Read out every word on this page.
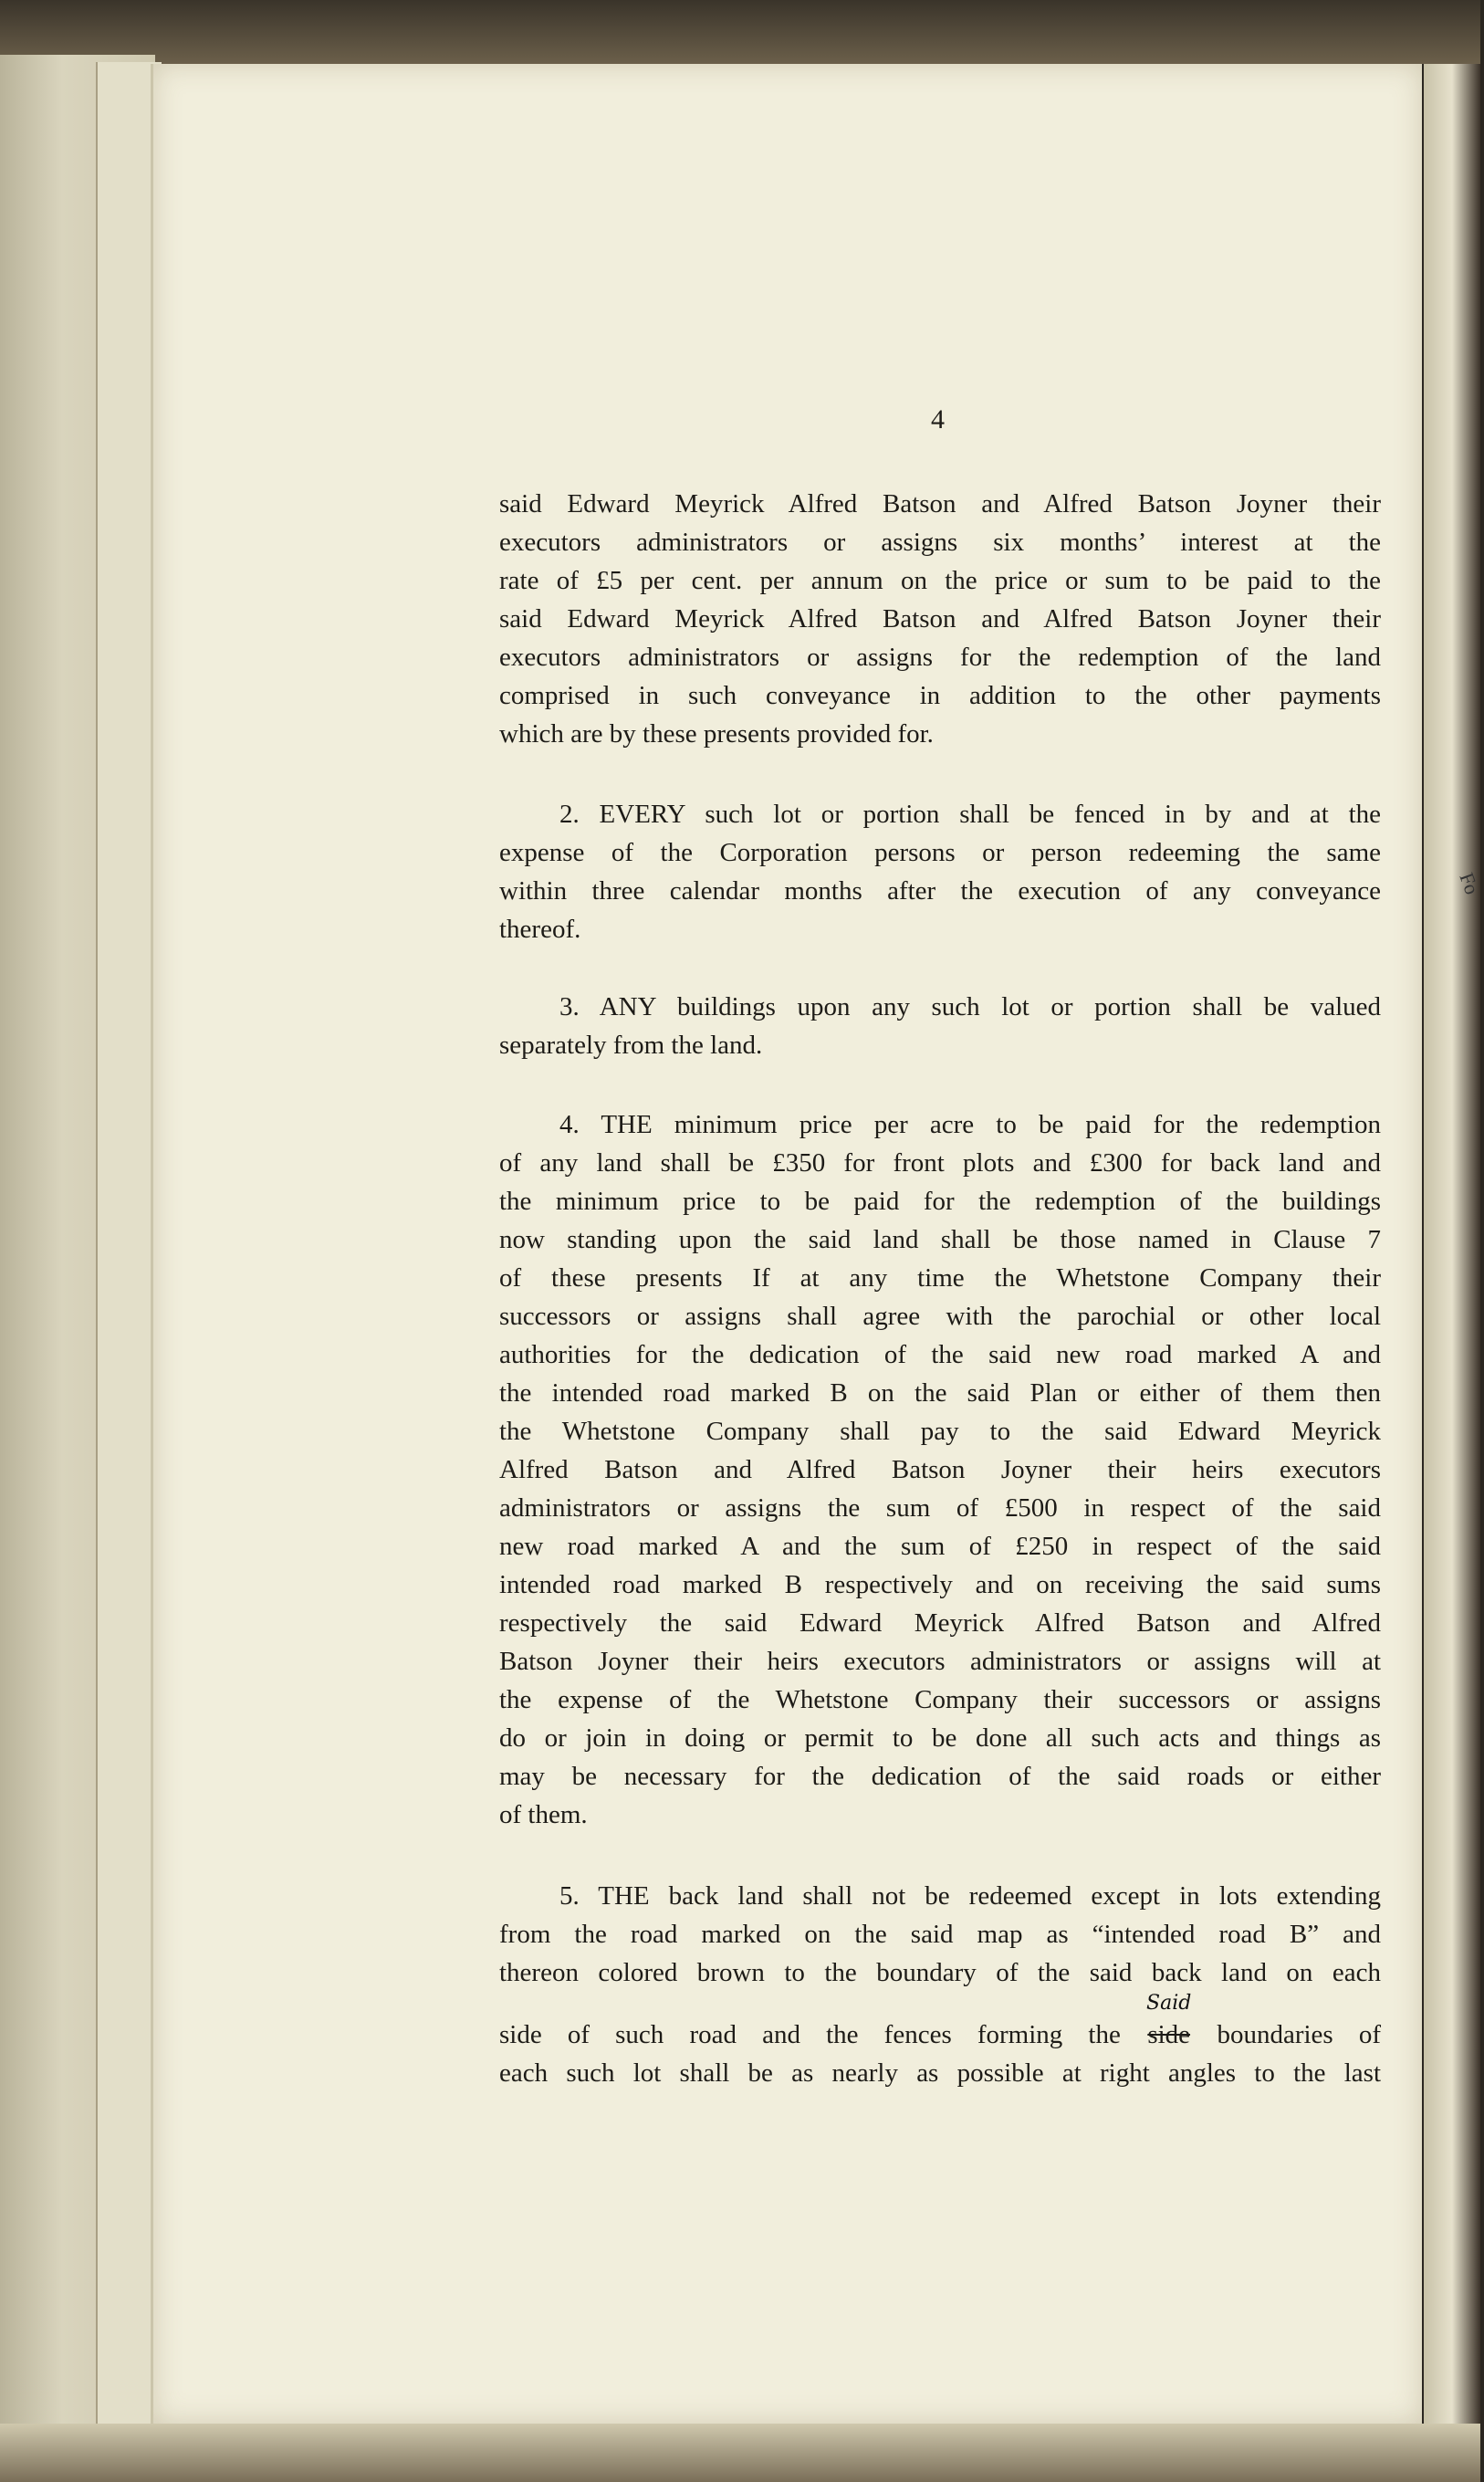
Fo
4
said Edward Meyrick Alfred Batson and Alfred Batson Joyner their
executors administrators or assigns six months’ interest at the
rate of £5 per cent. per annum on the price or sum to be paid to the
said Edward Meyrick Alfred Batson and Alfred Batson Joyner their
executors administrators or assigns for the redemption of the land
comprised in such conveyance in addition to the other payments
which are by these presents provided for.
2. EVERY such lot or portion shall be fenced in by and at the
expense of the Corporation persons or person redeeming the same
within three calendar months after the execution of any conveyance
thereof.
3. ANY buildings upon any such lot or portion shall be valued
separately from the land.
4. THE minimum price per acre to be paid for the redemption
of any land shall be £350 for front plots and £300 for back land and
the minimum price to be paid for the redemption of the buildings
now standing upon the said land shall be those named in Clause 7
of these presents If at any time the Whetstone Company their
successors or assigns shall agree with the parochial or other local
authorities for the dedication of the said new road marked A and
the intended road marked B on the said Plan or either of them then
the Whetstone Company shall pay to the said Edward Meyrick
Alfred Batson and Alfred Batson Joyner their heirs executors
administrators or assigns the sum of £500 in respect of the said
new road marked A and the sum of £250 in respect of the said
intended road marked B respectively and on receiving the said sums
respectively the said Edward Meyrick Alfred Batson and Alfred
Batson Joyner their heirs executors administrators or assigns will at
the expense of the Whetstone Company their successors or assigns
do or join in doing or permit to be done all such acts and things as
may be necessary for the dedication of the said roads or either
of them.
5. THE back land shall not be redeemed except in lots extending
from the road marked on the said map as “intended road B” and
thereon colored brown to the boundary of the said back land on each
side of such road and the fences forming the
Said
side boundaries of
each such lot shall be as nearly as possible at right angles to the last
